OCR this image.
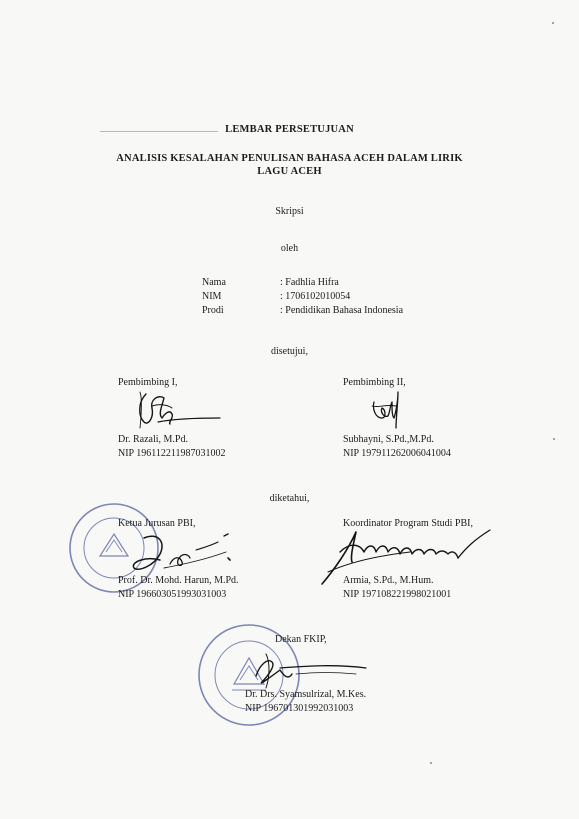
LEMBAR PERSETUJUAN
ANALISIS KESALAHAN PENULISAN BAHASA ACEH DALAM LIRIK
LAGU ACEH
Skripsi
oleh
Nama	: Fadhlia Hifra
NIM	: 1706102010054
Prodi	: Pendidikan Bahasa Indonesia
disetujui,
Pembimbing I,
Dr. Razali, M.Pd.
NIP 196112211987031002
Pembimbing II,
Subhayni, S.Pd.,M.Pd.
NIP 197911262006041004
diketahui,
Ketua Jurusan PBI,
Prof. Dr. Mohd. Harun, M.Pd.
NIP 196603051993031003
Koordinator Program Studi PBI,
Armia, S.Pd., M.Hum.
NIP 197108221998021001
Dekan FKIP,
Dr. Drs. Syamsulrizal, M.Kes.
NIP 196701301992031003
